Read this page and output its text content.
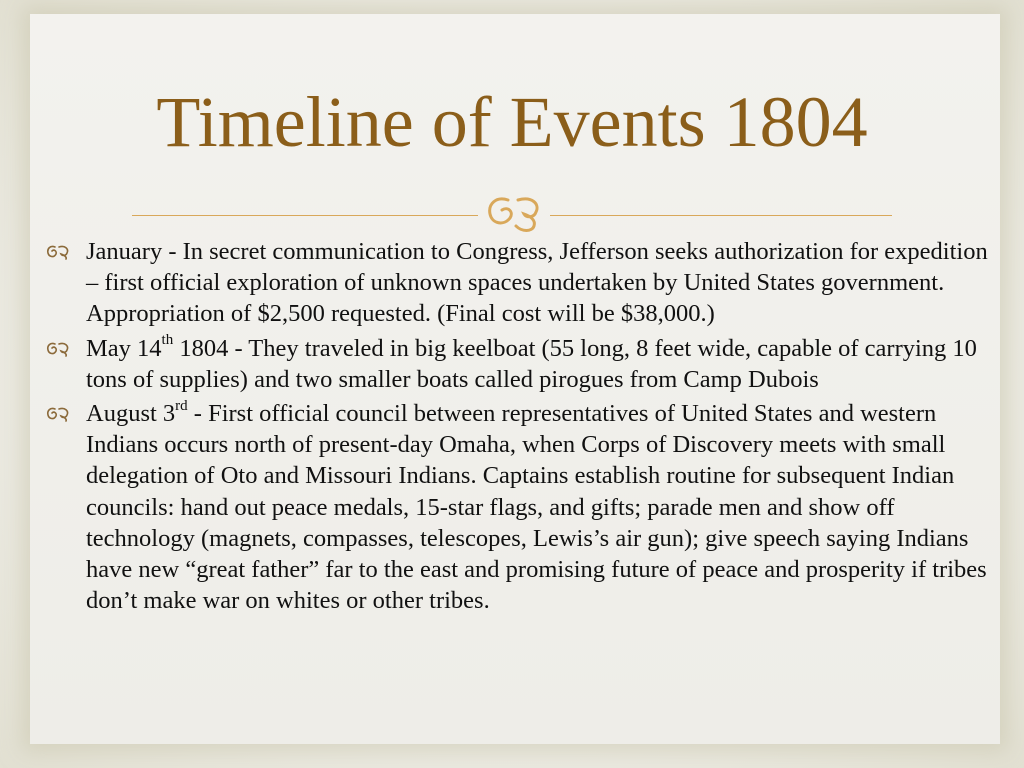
Timeline of Events 1804
January - In secret communication to Congress, Jefferson seeks authorization for expedition – first official exploration of unknown spaces undertaken by United States government. Appropriation of $2,500 requested. (Final cost will be $38,000.)
May 14th 1804 - They traveled in big keelboat (55 long, 8 feet wide, capable of carrying 10 tons of supplies) and two smaller boats called pirogues from Camp Dubois
August 3rd - First official council between representatives of United States and western Indians occurs north of present-day Omaha, when Corps of Discovery meets with small delegation of Oto and Missouri Indians. Captains establish routine for subsequent Indian councils: hand out peace medals, 15-star flags, and gifts; parade men and show off technology (magnets, compasses, telescopes, Lewis’s air gun); give speech saying Indians have new “great father” far to the east and promising future of peace and prosperity if tribes don’t make war on whites or other tribes.
